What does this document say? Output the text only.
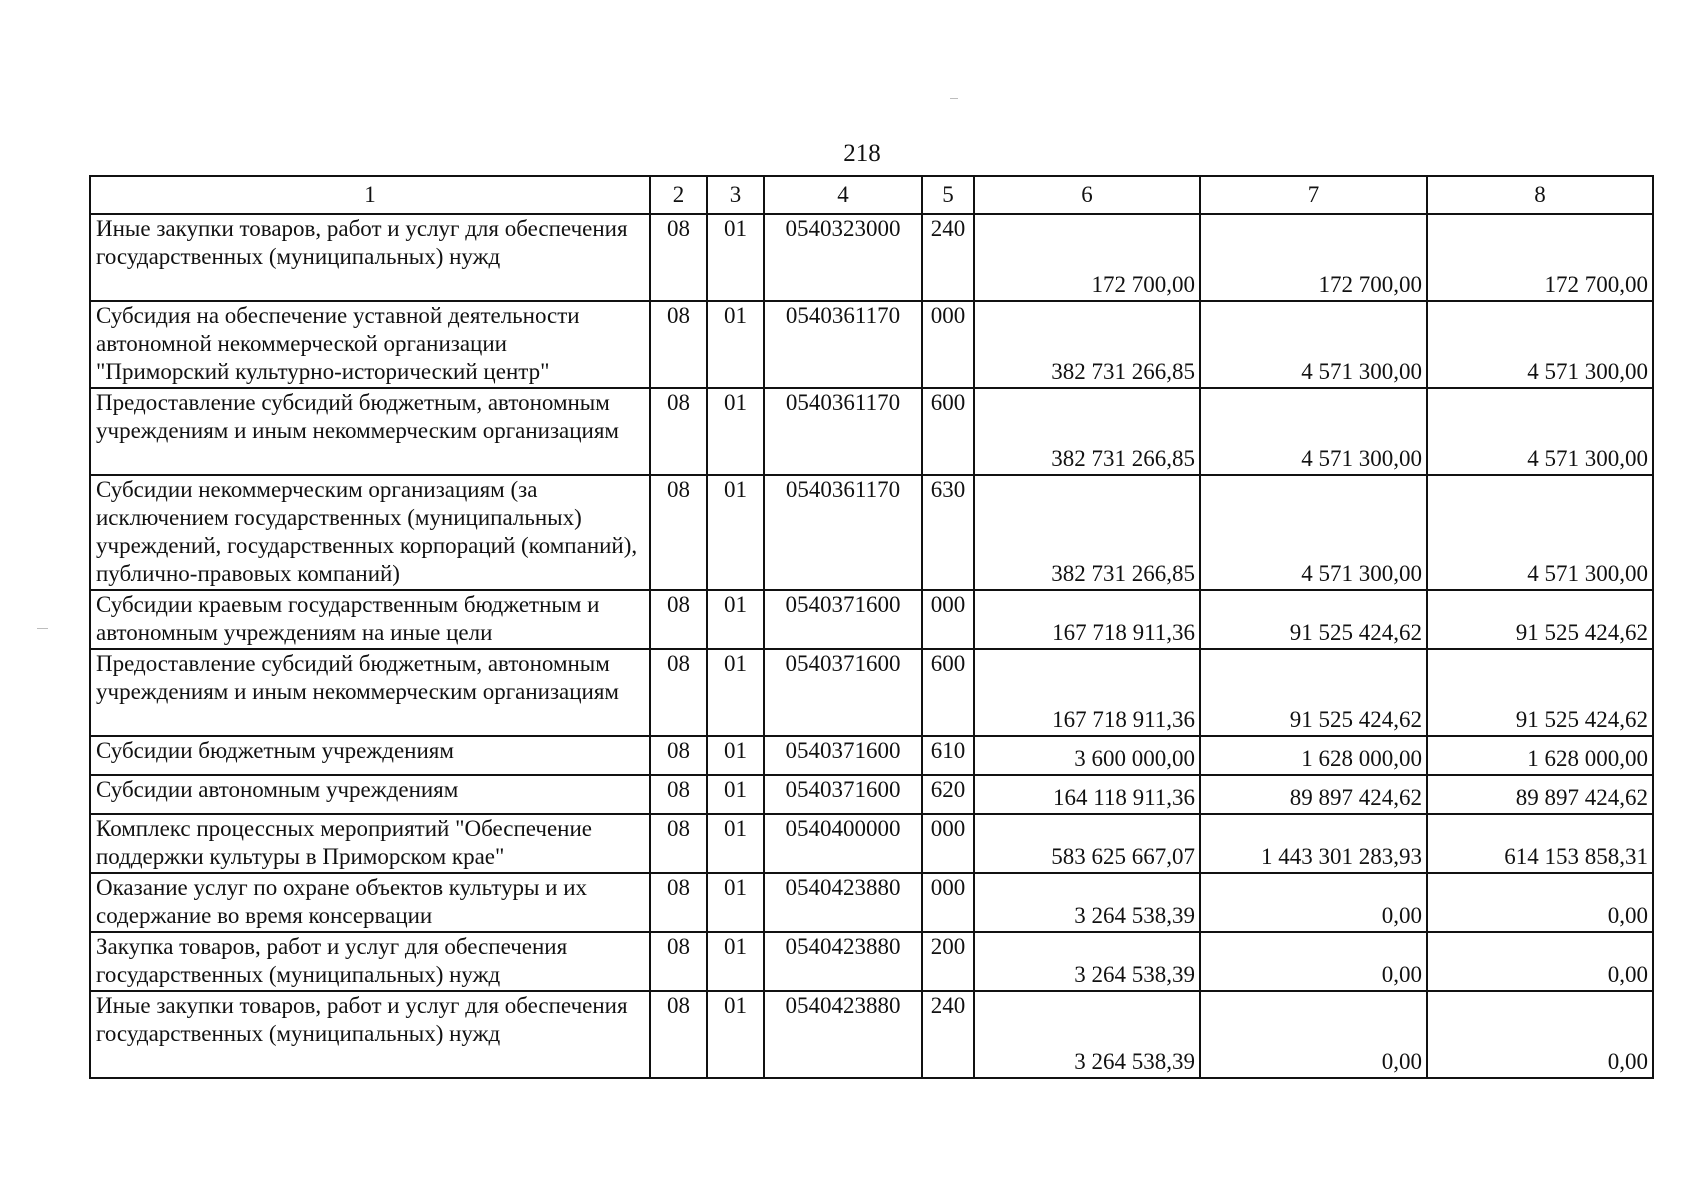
218
1	2	3	4	5	6	7	8
Иные закупки товаров, работ и услуг для обеспечения государственных (муниципальных) нужд	08	01	0540323000	240	172 700,00	172 700,00	172 700,00
Субсидия на обеспечение уставной деятельности автономной некоммерческой организации "Приморский культурно-исторический центр"	08	01	0540361170	000	382 731 266,85	4 571 300,00	4 571 300,00
Предоставление субсидий бюджетным, автономным учреждениям и иным некоммерческим организациям	08	01	0540361170	600	382 731 266,85	4 571 300,00	4 571 300,00
Субсидии некоммерческим организациям (за исключением государственных (муниципальных) учреждений, государственных корпораций (компаний), публично-правовых компаний)	08	01	0540361170	630	382 731 266,85	4 571 300,00	4 571 300,00
Субсидии краевым государственным бюджетным и автономным учреждениям на иные цели	08	01	0540371600	000	167 718 911,36	91 525 424,62	91 525 424,62
Предоставление субсидий бюджетным, автономным учреждениям и иным некоммерческим организациям	08	01	0540371600	600	167 718 911,36	91 525 424,62	91 525 424,62
Субсидии бюджетным учреждениям	08	01	0540371600	610	3 600 000,00	1 628 000,00	1 628 000,00
Субсидии автономным учреждениям	08	01	0540371600	620	164 118 911,36	89 897 424,62	89 897 424,62
Комплекс процессных мероприятий "Обеспечение поддержки культуры в Приморском крае"	08	01	0540400000	000	583 625 667,07	1 443 301 283,93	614 153 858,31
Оказание услуг по охране объектов культуры и их содержание во время консервации	08	01	0540423880	000	3 264 538,39	0,00	0,00
Закупка товаров, работ и услуг для обеспечения государственных (муниципальных) нужд	08	01	0540423880	200	3 264 538,39	0,00	0,00
Иные закупки товаров, работ и услуг для обеспечения государственных (муниципальных) нужд	08	01	0540423880	240	3 264 538,39	0,00	0,00
